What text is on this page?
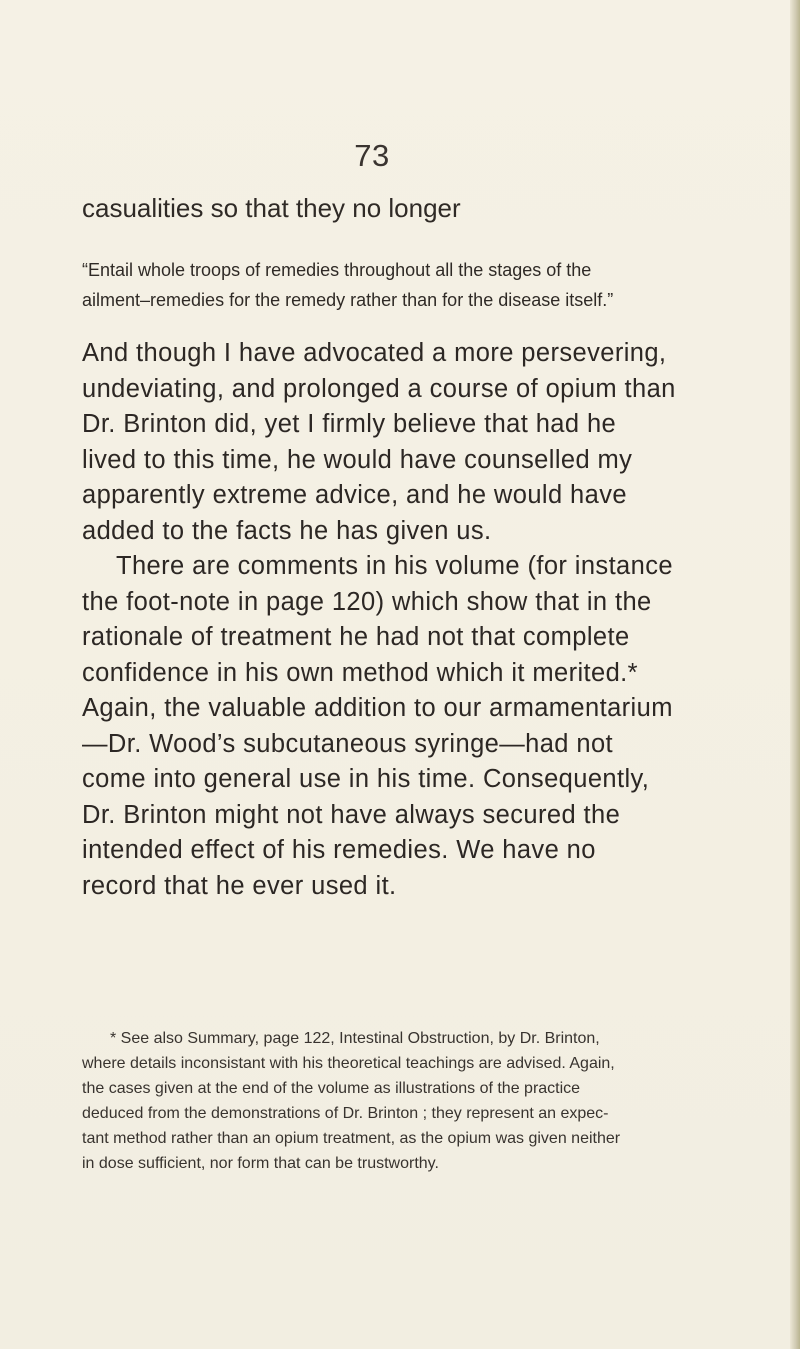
73
casualities so that they no longer
“Entail whole troops of remedies throughout all the stages of the
ailment–remedies for the remedy rather than for the disease itself.”
And though I have advocated a more persevering,
undeviating, and prolonged a course of opium than
Dr. Brinton did, yet I firmly believe that had he
lived to this time, he would have counselled my
apparently extreme advice, and he would have
added to the facts he has given us.
There are comments in his volume (for instance
the foot-note in page 120) which show that in the
rationale of treatment he had not that complete
confidence in his own method which it merited.*
Again, the valuable addition to our armamentarium
—Dr. Wood’s subcutaneous syringe—had not
come into general use in his time. Consequently,
Dr. Brinton might not have always secured the
intended effect of his remedies. We have no
record that he ever used it.
* See also Summary, page 122, Intestinal Obstruction, by Dr. Brinton,
where details inconsistant with his theoretical teachings are advised. Again,
the cases given at the end of the volume as illustrations of the practice
deduced from the demonstrations of Dr. Brinton ; they represent an expec-
tant method rather than an opium treatment, as the opium was given neither
in dose sufficient, nor form that can be trustworthy.
